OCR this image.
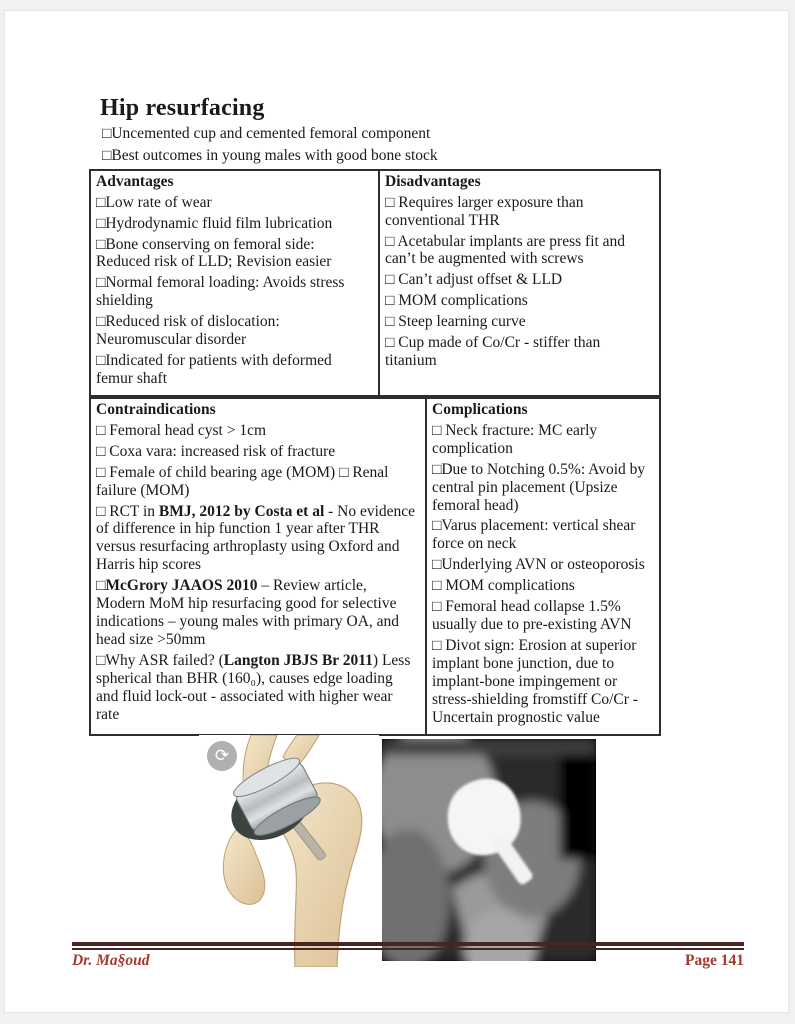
Hip resurfacing
□Uncemented cup and cemented femoral component
□Best outcomes in young males with good bone stock
Advantages
□Low rate of wear
□Hydrodynamic fluid film lubrication
□Bone conserving on femoral side: Reduced risk of LLD; Revision easier
□Normal femoral loading: Avoids stress shielding
□Reduced risk of dislocation: Neuromuscular disorder
□Indicated for patients with deformed femur shaft

Disadvantages
□ Requires larger exposure than conventional THR
□ Acetabular implants are press fit and can’t be augmented with screws
□ Can’t adjust offset & LLD
□ MOM complications
□ Steep learning curve
□ Cup made of Co/Cr - stiffer than titanium
Contraindications
□ Femoral head cyst > 1cm
□ Coxa vara: increased risk of fracture
□ Female of child bearing age (MOM) □ Renal failure (MOM)
□ RCT in BMJ, 2012 by Costa et al - No evidence of difference in hip function 1 year after THR versus resurfacing arthroplasty using Oxford and Harris hip scores
□McGrory JAAOS 2010 – Review article, Modern MoM hip resurfacing good for selective indications – young males with primary OA, and head size >50mm
□Why ASR failed? (Langton JBJS Br 2011) Less spherical than BHR (160₀), causes edge loading and fluid lock-out - associated with higher wear rate

Complications
□ Neck fracture: MC early complication
□Due to Notching 0.5%: Avoid by central pin placement (Upsize femoral head)
□Varus placement: vertical shear force on neck
□Underlying AVN or osteoporosis
□ MOM complications
□ Femoral head collapse 1.5% usually due to pre-existing AVN
□ Divot sign: Erosion at superior implant bone junction, due to implant-bone impingement or stress-shielding fromstiff Co/Cr - Uncertain prognostic value
⟳
Dr. Ma§oud	Page 141
